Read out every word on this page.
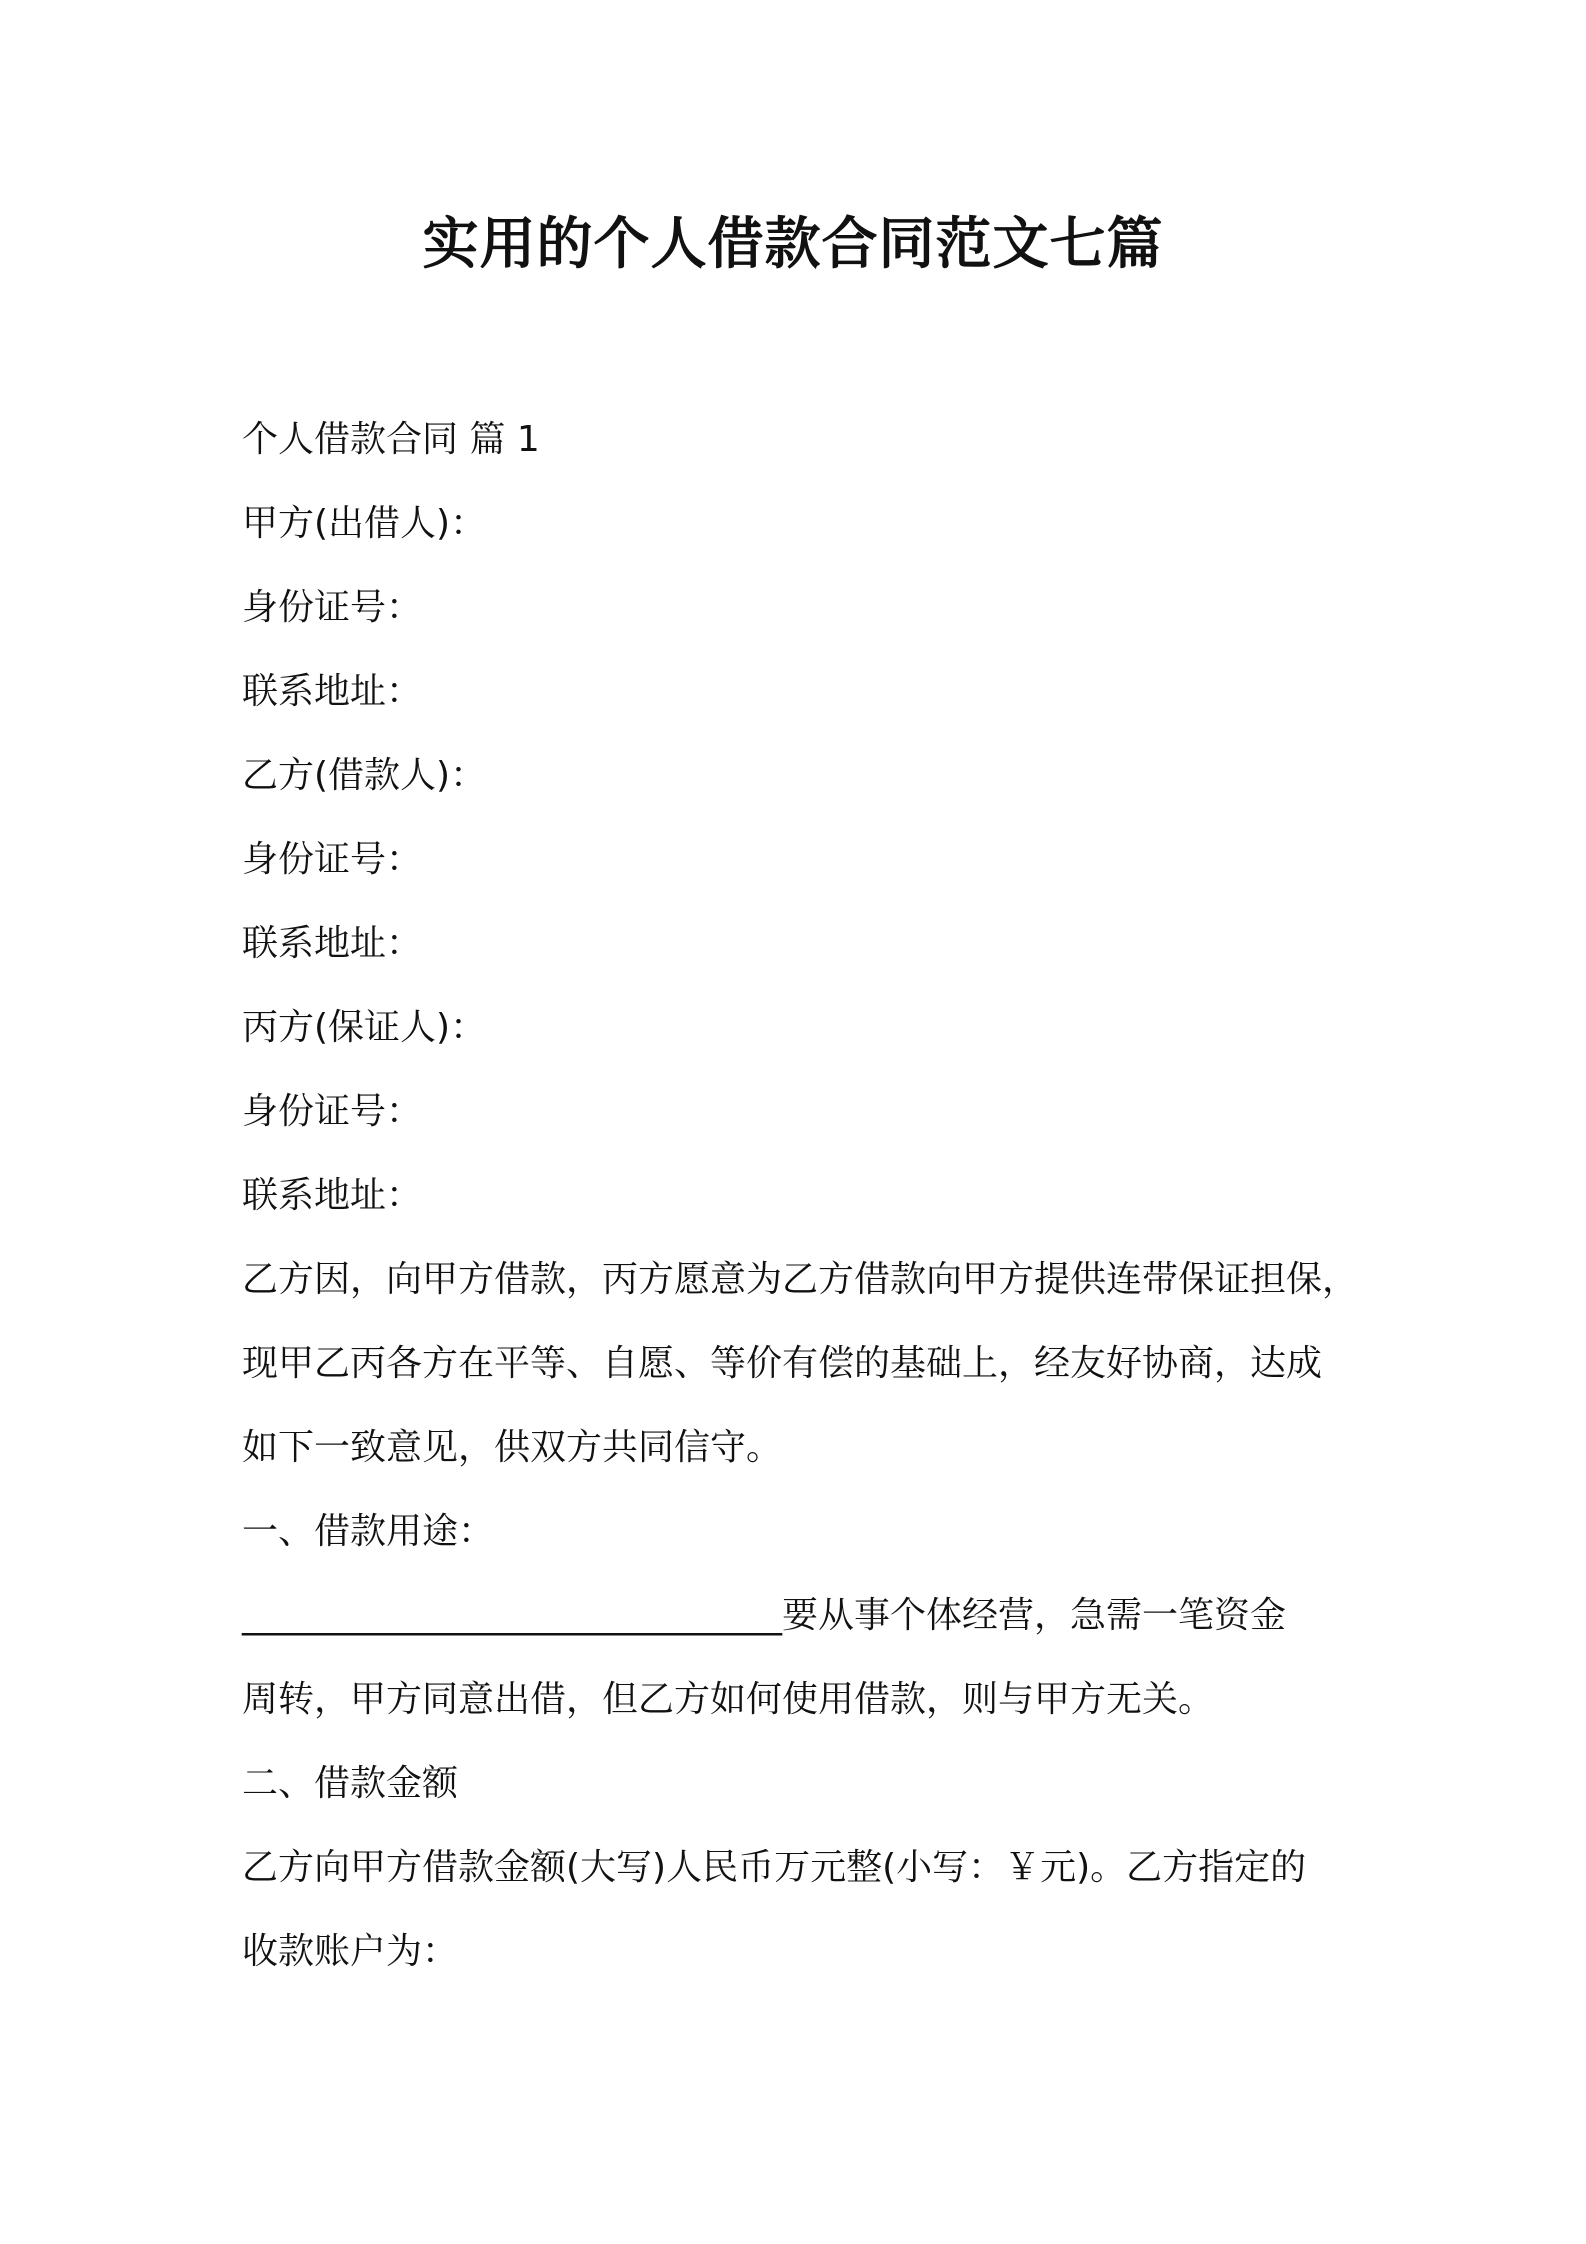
实用的个人借款合同范文七篇

个人借款合同 篇 1

甲方(出借人)：

身份证号：

联系地址：

乙方(借款人)：

身份证号：

联系地址：

丙方(保证人)：

身份证号：

联系地址：

乙方因，向甲方借款，丙方愿意为乙方借款向甲方提供连带保证担保，

现甲乙丙各方在平等、自愿、等价有偿的基础上，经友好协商，达成

如下一致意见，供双方共同信守。

一、借款用途：

______________________________要从事个体经营，急需一笔资金

周转，甲方同意出借，但乙方如何使用借款，则与甲方无关。

二、借款金额

乙方向甲方借款金额(大写)人民币万元整(小写：￥元)。乙方指定的

收款账户为：
